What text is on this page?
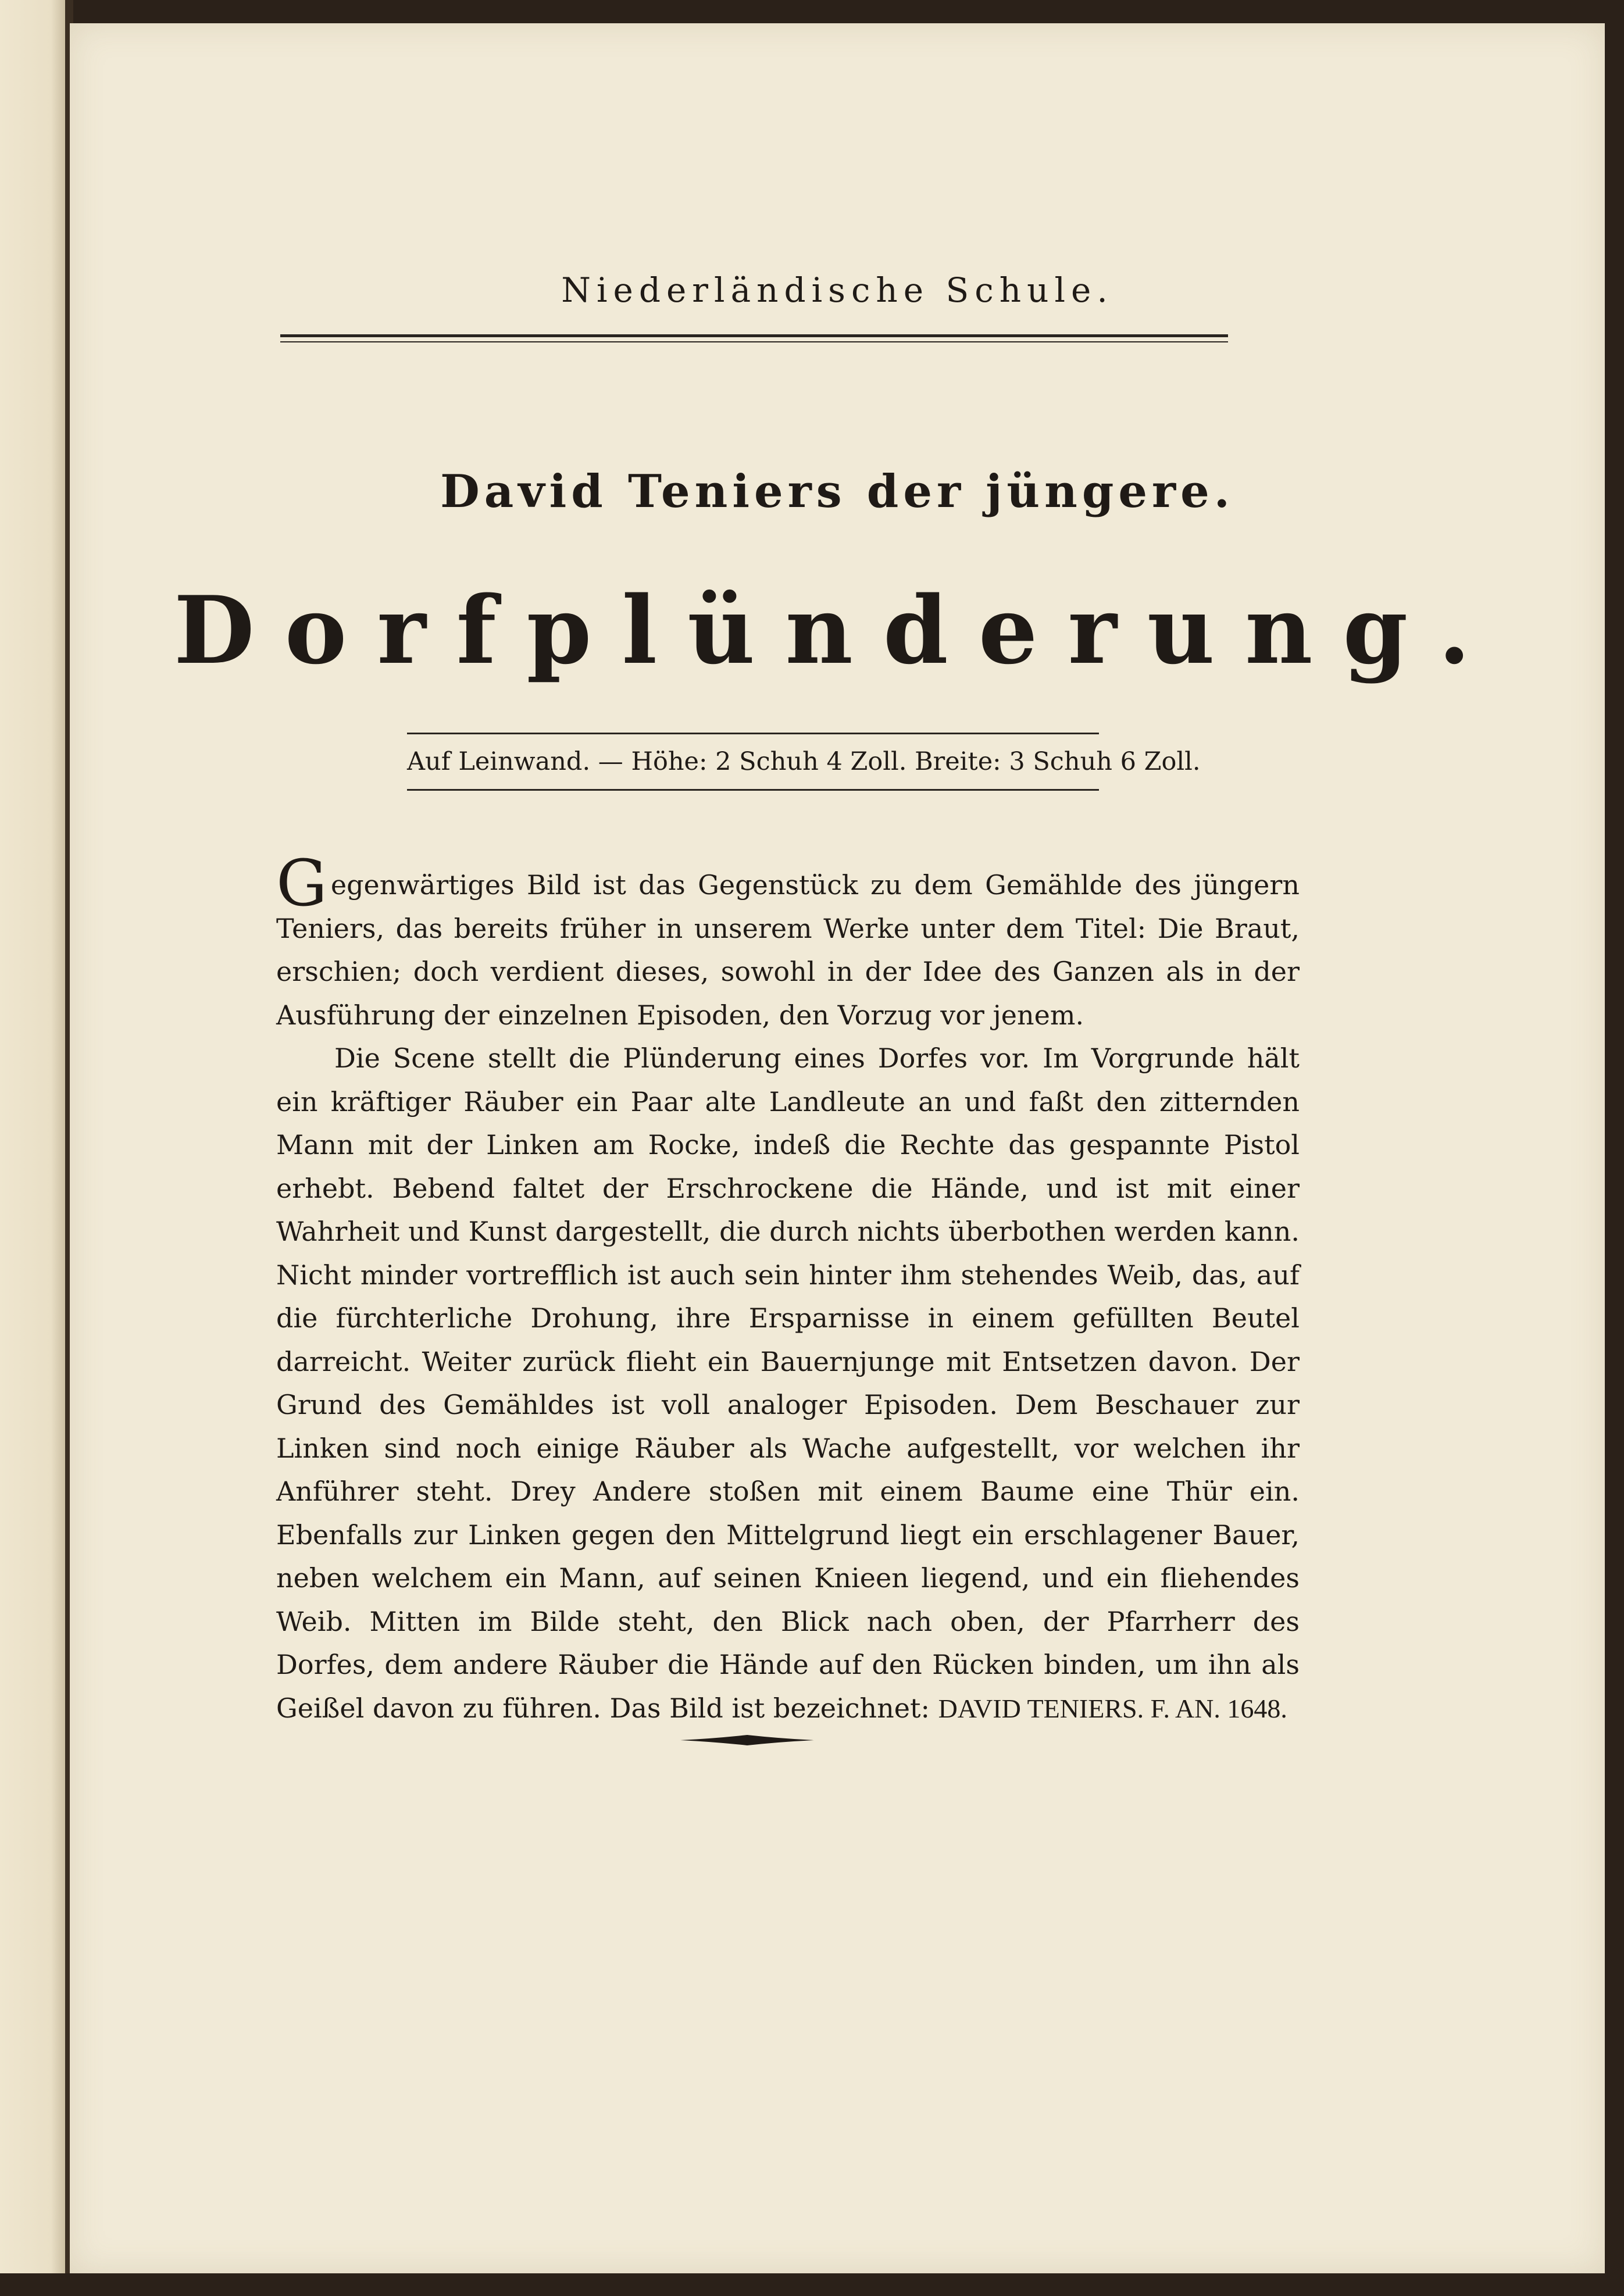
Niederländische Schule.
David Teniers der jüngere.
Dorfplünderung.
Auf Leinwand. — Höhe: 2 Schuh 4 Zoll. Breite: 3 Schuh 6 Zoll.

Gegenwärtiges Bild ist das Gegenstück zu dem Gemählde des jüngern Teniers, das bereits früher in unserem Werke unter dem Titel: Die Braut, erschien; doch verdient dieses, sowohl in der Idee des Ganzen als in der Ausführung der einzelnen Episoden, den Vorzug vor jenem.

Die Scene stellt die Plünderung eines Dorfes vor. Im Vorgrunde hält ein kräftiger Räuber ein Paar alte Landleute an und faßt den zitternden Mann mit der Linken am Rocke, indeß die Rechte das gespannte Pistol erhebt. Bebend faltet der Erschrockene die Hände, und ist mit einer Wahrheit und Kunst dargestellt, die durch nichts überbothen werden kann. Nicht minder vortrefflich ist auch sein hinter ihm stehendes Weib, das, auf die fürchterliche Drohung, ihre Ersparnisse in einem gefüllten Beutel darreicht. Weiter zurück flieht ein Bauernjunge mit Entsetzen davon. Der Grund des Gemähldes ist voll analoger Episoden. Dem Beschauer zur Linken sind noch einige Räuber als Wache aufgestellt, vor welchen ihr Anführer steht. Drey Andere stoßen mit einem Baume eine Thür ein. Ebenfalls zur Linken gegen den Mittelgrund liegt ein erschlagener Bauer, neben welchem ein Mann, auf seinen Knieen liegend, und ein fliehendes Weib. Mitten im Bilde steht, den Blick nach oben, der Pfarrherr des Dorfes, dem andere Räuber die Hände auf den Rücken binden, um ihn als Geißel davon zu führen. Das Bild ist bezeichnet: DAVID TENIERS. F. AN. 1648.
